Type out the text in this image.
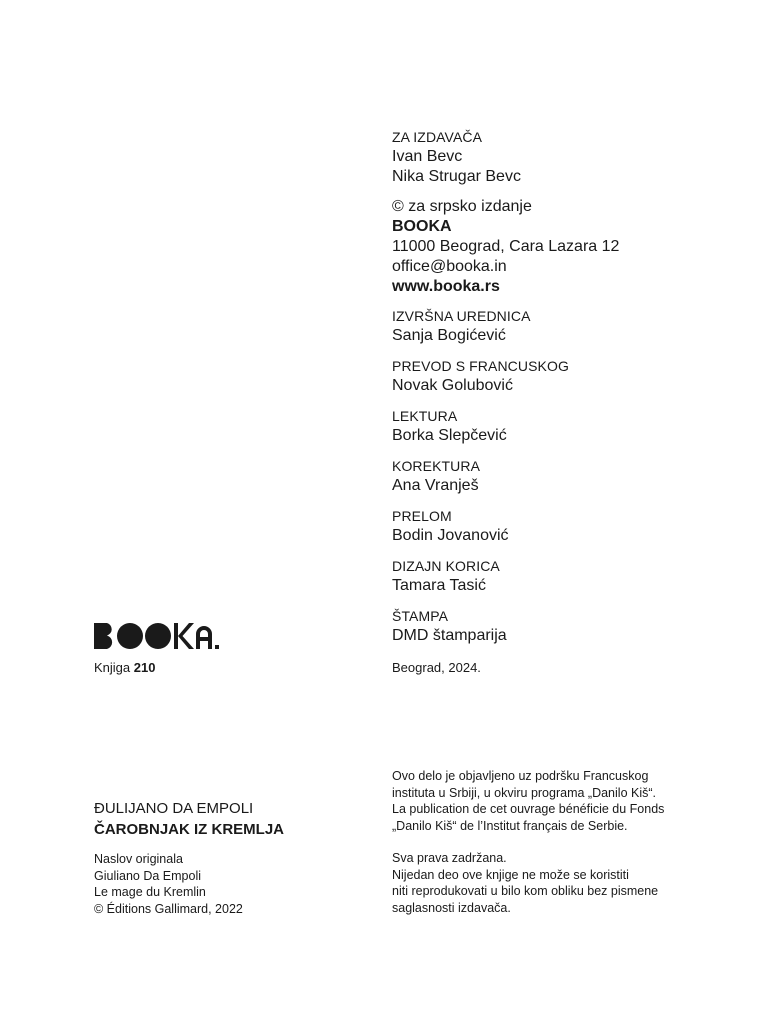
ZA IZDAVAČA
Ivan Bevc
Nika Strugar Bevc
© za srpsko izdanje
BOOKA
11000 Beograd, Cara Lazara 12
office@booka.in
www.booka.rs
IZVRŠNA UREDNICA
Sanja Bogićević
PREVOD S FRANCUSKOG
Novak Golubović
LEKTURA
Borka Slepčević
KOREKTURA
Ana Vranješ
PRELOM
Bodin Jovanović
DIZAJN KORICA
Tamara Tasić
ŠTAMPA
DMD štamparija
Beograd, 2024.
Knjiga 210
ĐULIJANO DA EMPOLI
ČAROBNJAK IZ KREMLJA
Naslov originala
Giuliano Da Empoli
Le mage du Kremlin
© Éditions Gallimard, 2022
Ovo delo je objavljeno uz podršku Francuskog
instituta u Srbiji, u okviru programa „Danilo Kiš“.
La publication de cet ouvrage bénéficie du Fonds
„Danilo Kiš“ de l’Institut français de Serbie.
Sva prava zadržana.
Nijedan deo ove knjige ne može se koristiti
niti reprodukovati u bilo kom obliku bez pismene
saglasnosti izdavača.
